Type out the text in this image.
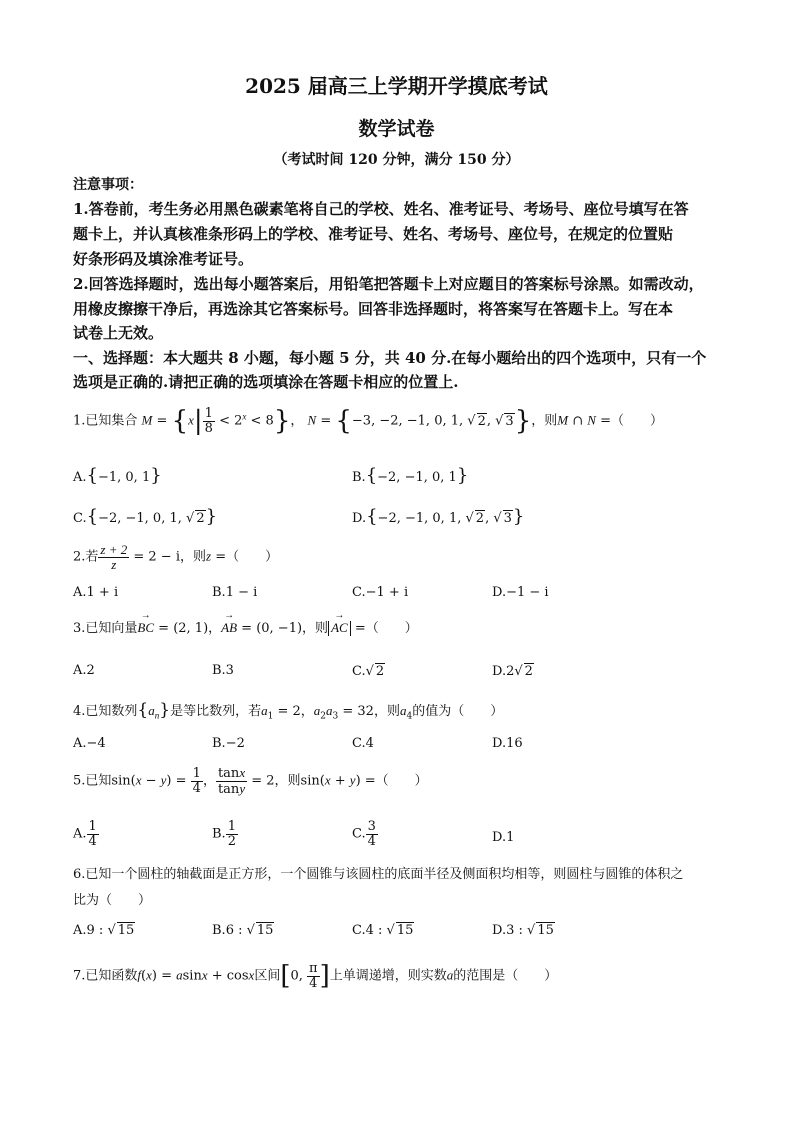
2025 届高三上学期开学摸底考试
数学试卷
（考试时间 120 分钟，满分 150 分）
注意事项：
1.答卷前，考生务必用黑色碳素笔将自己的学校、姓名、准考证号、考场号、座位号填写在答
题卡上，并认真核准条形码上的学校、准考证号、姓名、考场号、座位号，在规定的位置贴
好条形码及填涂准考证号。
2.回答选择题时，选出每小题答案后，用铅笔把答题卡上对应题目的答案标号涂黑。如需改动，
用橡皮擦擦干净后，再选涂其它答案标号。回答非选择题时，将答案写在答题卡上。写在本
试卷上无效。
一、选择题：本大题共 8 小题，每小题 5 分，共 40 分.在每小题给出的四个选项中，只有一个
选项是正确的.请把正确的选项填涂在答题卡相应的位置上.
1.已知集合 $M = \{x| \frac{1}{8} < 2^x < 8\}$， N = {−3, −2, −1, 0, 1, √ 2, √ 3}，则M ∩ N =（　　）
A.{−1, 0, 1}	B.{−2, −1, 0, 1}
C.{−2, −1, 0, 1, √ 2}	D.{−2, −1, 0, 1, √ 2, √ 3}
2.若 $\frac{z + 2}{z} = 2 - i$，则z =（　　）
A.1 + i	B.1 − i	C.−1 + i	D.−1 − i
3.已知向量→ BC = (2, 1)，→ AB = (0, −1)，则→ AC =（　　）
A.2	B.3	C.√ 2	D.2√ 2
4.已知数列$\{a_n\}$是等比数列，若$a_1 = 2$，$a_2a_3 = 32$，则$a_4$的值为（　　）
A.−4	B.−2	C.4	D.16
5.已知$\sin(x - y) = \frac{1}{4}$ ， $\frac{\tan x}{\tan y} = 2$，则sin(x + y) =（　　）
A. $\frac{1}{4}$	B. $\frac{1}{2}$	C. $\frac{3}{4}$	D.1
6.已知一个圆柱的轴截面是正方形，一个圆锥与该圆柱的底面半径及侧面积均相等，则圆柱与圆锥的体积之
比为（　　）
A.9 : √ 15	B.6 : √ 15	C.4 : √ 15	D.3 : √ 15
7.已知函数f(x) = asinx + cosx区间[0, $\frac{\pi}{4}$ ]上单调递增，则实数a的范围是（　　）
